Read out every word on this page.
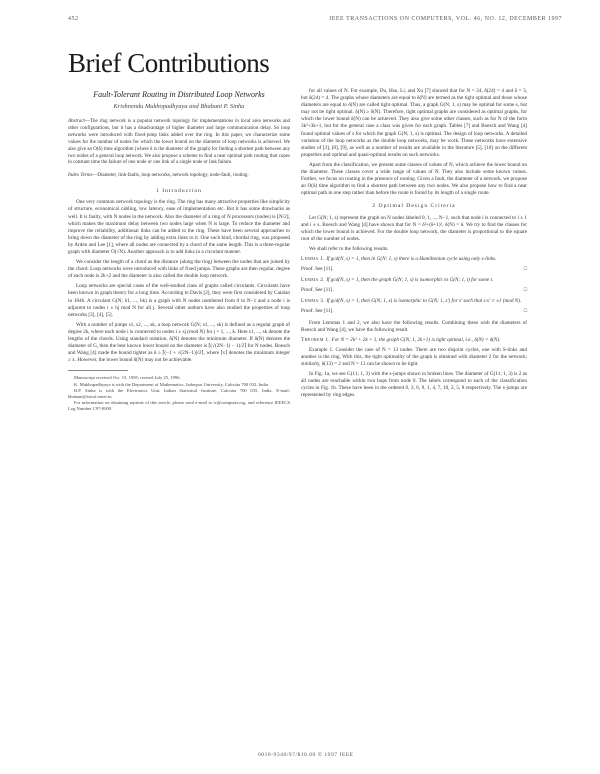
452	IEEE TRANSACTIONS ON COMPUTERS, VOL. 46, NO. 12, DECEMBER 1997
Brief Contributions
Fault-Tolerant Routing in Distributed Loop Networks
Krishnendu Mukhopadhyaya and Bhabani P. Sinha
Abstract—The ring network is a popular network topology for implementations in local area networks and other configurations, but it has a disadvantage of higher diameter and large communication delay. So loop networks were introduced with fixed-jump links added over the ring. In this paper, we characterize some values for the number of nodes for which the lower bound on the diameter of loop networks is achieved. We also give an O(δ) time algorithm (where δ is the diameter of the graph) for finding a shortest path between any two nodes of a general loop network. We also propose a scheme to find a near optimal path routing that copes in constant time the failure of one node or one link of a single node or link failure.
Index Terms—Diameter, link-faults, loop networks, network topology, node-fault, routing.
1 Introduction

One very common network topology is the ring. The ring has many attractive properties like simplicity of structure, economical cabling, low latency, ease of implementation etc. But it has some drawbacks as well. It is faulty, with N nodes in the network. Also the diameter of a ring of N processors (nodes) is ⌊N/2⌋, which makes the maximum delay between two nodes large when N is large. To reduce the diameter and improve the reliability, additional links can be added to the ring. These have been several approaches to bring down the diameter of the ring by adding extra links to it. One such kind, chordal ring, was proposed by Arden and Lee [1], where all nodes are connected by a chord of the same length. This is a three-regular graph with diameter O(√N). Another approach is to add links in a circulant manner.

We consider the length of a chord as the distance (along the ring) between the nodes that are joined by the chord. Loop networks were introduced with links of fixed jumps. These graphs are then regular, degree of each node is 2k+2 and the diameter is also called the double loop network.

Loop networks are special cases of the well-studied class of graphs called circulants. Circulants have been known in graph theory for a long time. According to Davis [2], they were first considered by Catalan in 1846. A circulant G(N; h1, ..., hk) is a graph with N nodes numbered from 0 to N−1 and a node i is adjacent to nodes i ± hj mod N for all j. Several other authors have also studied the properties of loop networks [3], [4], [5].

With a number of jumps s1, s2, ..., sk, a loop network G(N; s1, ..., sk) is defined as a regular graph of degree 2k, where each node i is connected to nodes i ± sj (mod N) for j = 1, ..., k. Here s1, ..., sk denote the lengths of the chords. Using standard notation, δ(N) denotes the minimum diameter. If δ(N) denotes the diameter of G, then the best known lower bound on the diameter is ⌈(√(2N−1) − 1)/2⌉ for N nodes. Boesch and Wang [4] made the bound tighter as δ ≥ ⌈(−1 + √(2N−1))/2⌉, where ⌈x⌉ denotes the minimum integer ≥ x. However, the lower bound δ(N) may not be achievable.

Manuscript received Oct. 15, 1995; revised July 25, 1996.
K. Mukhopadhyaya is with the Department of Mathematics, Jadavpur University, Calcutta 700 032, India.
B.P. Sinha is with the Electronics Unit, Indian Statistical Institute, Calcutta 700 035, India. E-mail: bhabani@isical.ernet.in.
For information on obtaining reprints of this article, please send e-mail to tc@computer.org, and reference IEEECS Log Number C97-0000.

for all values of N. For example, Du, Hsu, Li, and Xu [7] showed that for N = 24, δ(24) = 4 and δ = 3, but δ(24) = 4. The graphs whose diameters are equal to δ(N) are termed as the tight optimal and those whose diameters are equal to δ(N) are called tight optimal. Thus, a graph G(N; 1, s) may be optimal for some s, but may not be tight optimal. δ(N) ≥ δ(N). Therefore, tight optimal graphs are considered as optimal graphs, for which the lower bound δ(N) can be achieved. They also give some other classes, such as for N of the form 3k²+3k+1, but for the general case a class was given for each graph. Tables [7] and Boesch and Wang [4] found optimal values of s for which the graph G(N; 1, s) is optimal. The design of loop networks. A detailed variation of the loop networks as the double loop networks, may be work. These networks have extensive studies of [3], [8], [9], as well as a number of results are available in the literature [5], [10] on the different properties and optimal and quasi-optimal results on such networks.

Apart from the classification, we present some classes of values of N, which achieve the lower bound on the diameter. These classes cover a wide range of values of N. They also include some known values. Further, we focus on routing in the presence of routing. Given a fault, the diameter of a network, we propose an O(δ) time algorithm to find a shortest path between any two nodes. We also propose how to find a near optimal path in one step rather than before the route is found by its length of a single route.

2 Optimal Design Criteria

Let G(N; 1, s) represent the graph on N nodes labeled 0, 1, ..., N−1, such that node i is connected to i ± 1 and i ± s. Boesch and Wang [4] have shown that for N = δ²+(δ+1)², δ(N) = δ. We try to find the classes for which the lower bound is achieved. For the double loop network, the diameter is proportional to the square root of the number of nodes.

We shall refer to the following results.

Lemma 1. If gcd(N, s) = 1, then in G(N; 1, s) there is a Hamiltonian cycle using only s-links.
Proof. See [11].	□
Lemma 2. If gcd(N, s) = 1, then the graph G(N; 1, s) is isomorphic to G(N; 1, t) for some t.
Proof. See [11].	□
Lemma 3. If gcd(N, s) = 1, then G(N; 1, s) is isomorphic to G(N; 1, s′) for s′ such that s·s′ ≡ ±1 (mod N).
Proof. See [11].	□

From Lemmas 1 and 2, we also have the following results. Combining these with the diameters of Boesch and Wang [4], we have the following result.

Theorem 1. For N = 2k² + 2k + 1, the graph G(N; 1, 2k+1) is tight optimal, i.e., δ(N) = δ(N).

Example 1. Consider the case of N = 13 nodes. There are two disjoint cycles, one with S-links and another is the ring. With this, the tight optimality of the graph is obtained with diameter 2 for the network; similarly, δ(13) = 2 and N = 13 can be shown to be tight.

In Fig. 1a, we see G(11; 1, 3) with the s-jumps shown in broken lines. The diameter of G(11; 1, 3) is 2 as all nodes are reachable within two hops from node 0. The labels correspond to each of the classification cycles in Fig. 1b. These have been in the ordered 0, 3, 6, 9, 1, 4, 7, 10, 2, 5, 8 respectively. The s-jumps are represented by ring edges.

0018-9340/97/$10.00 © 1997 IEEE
